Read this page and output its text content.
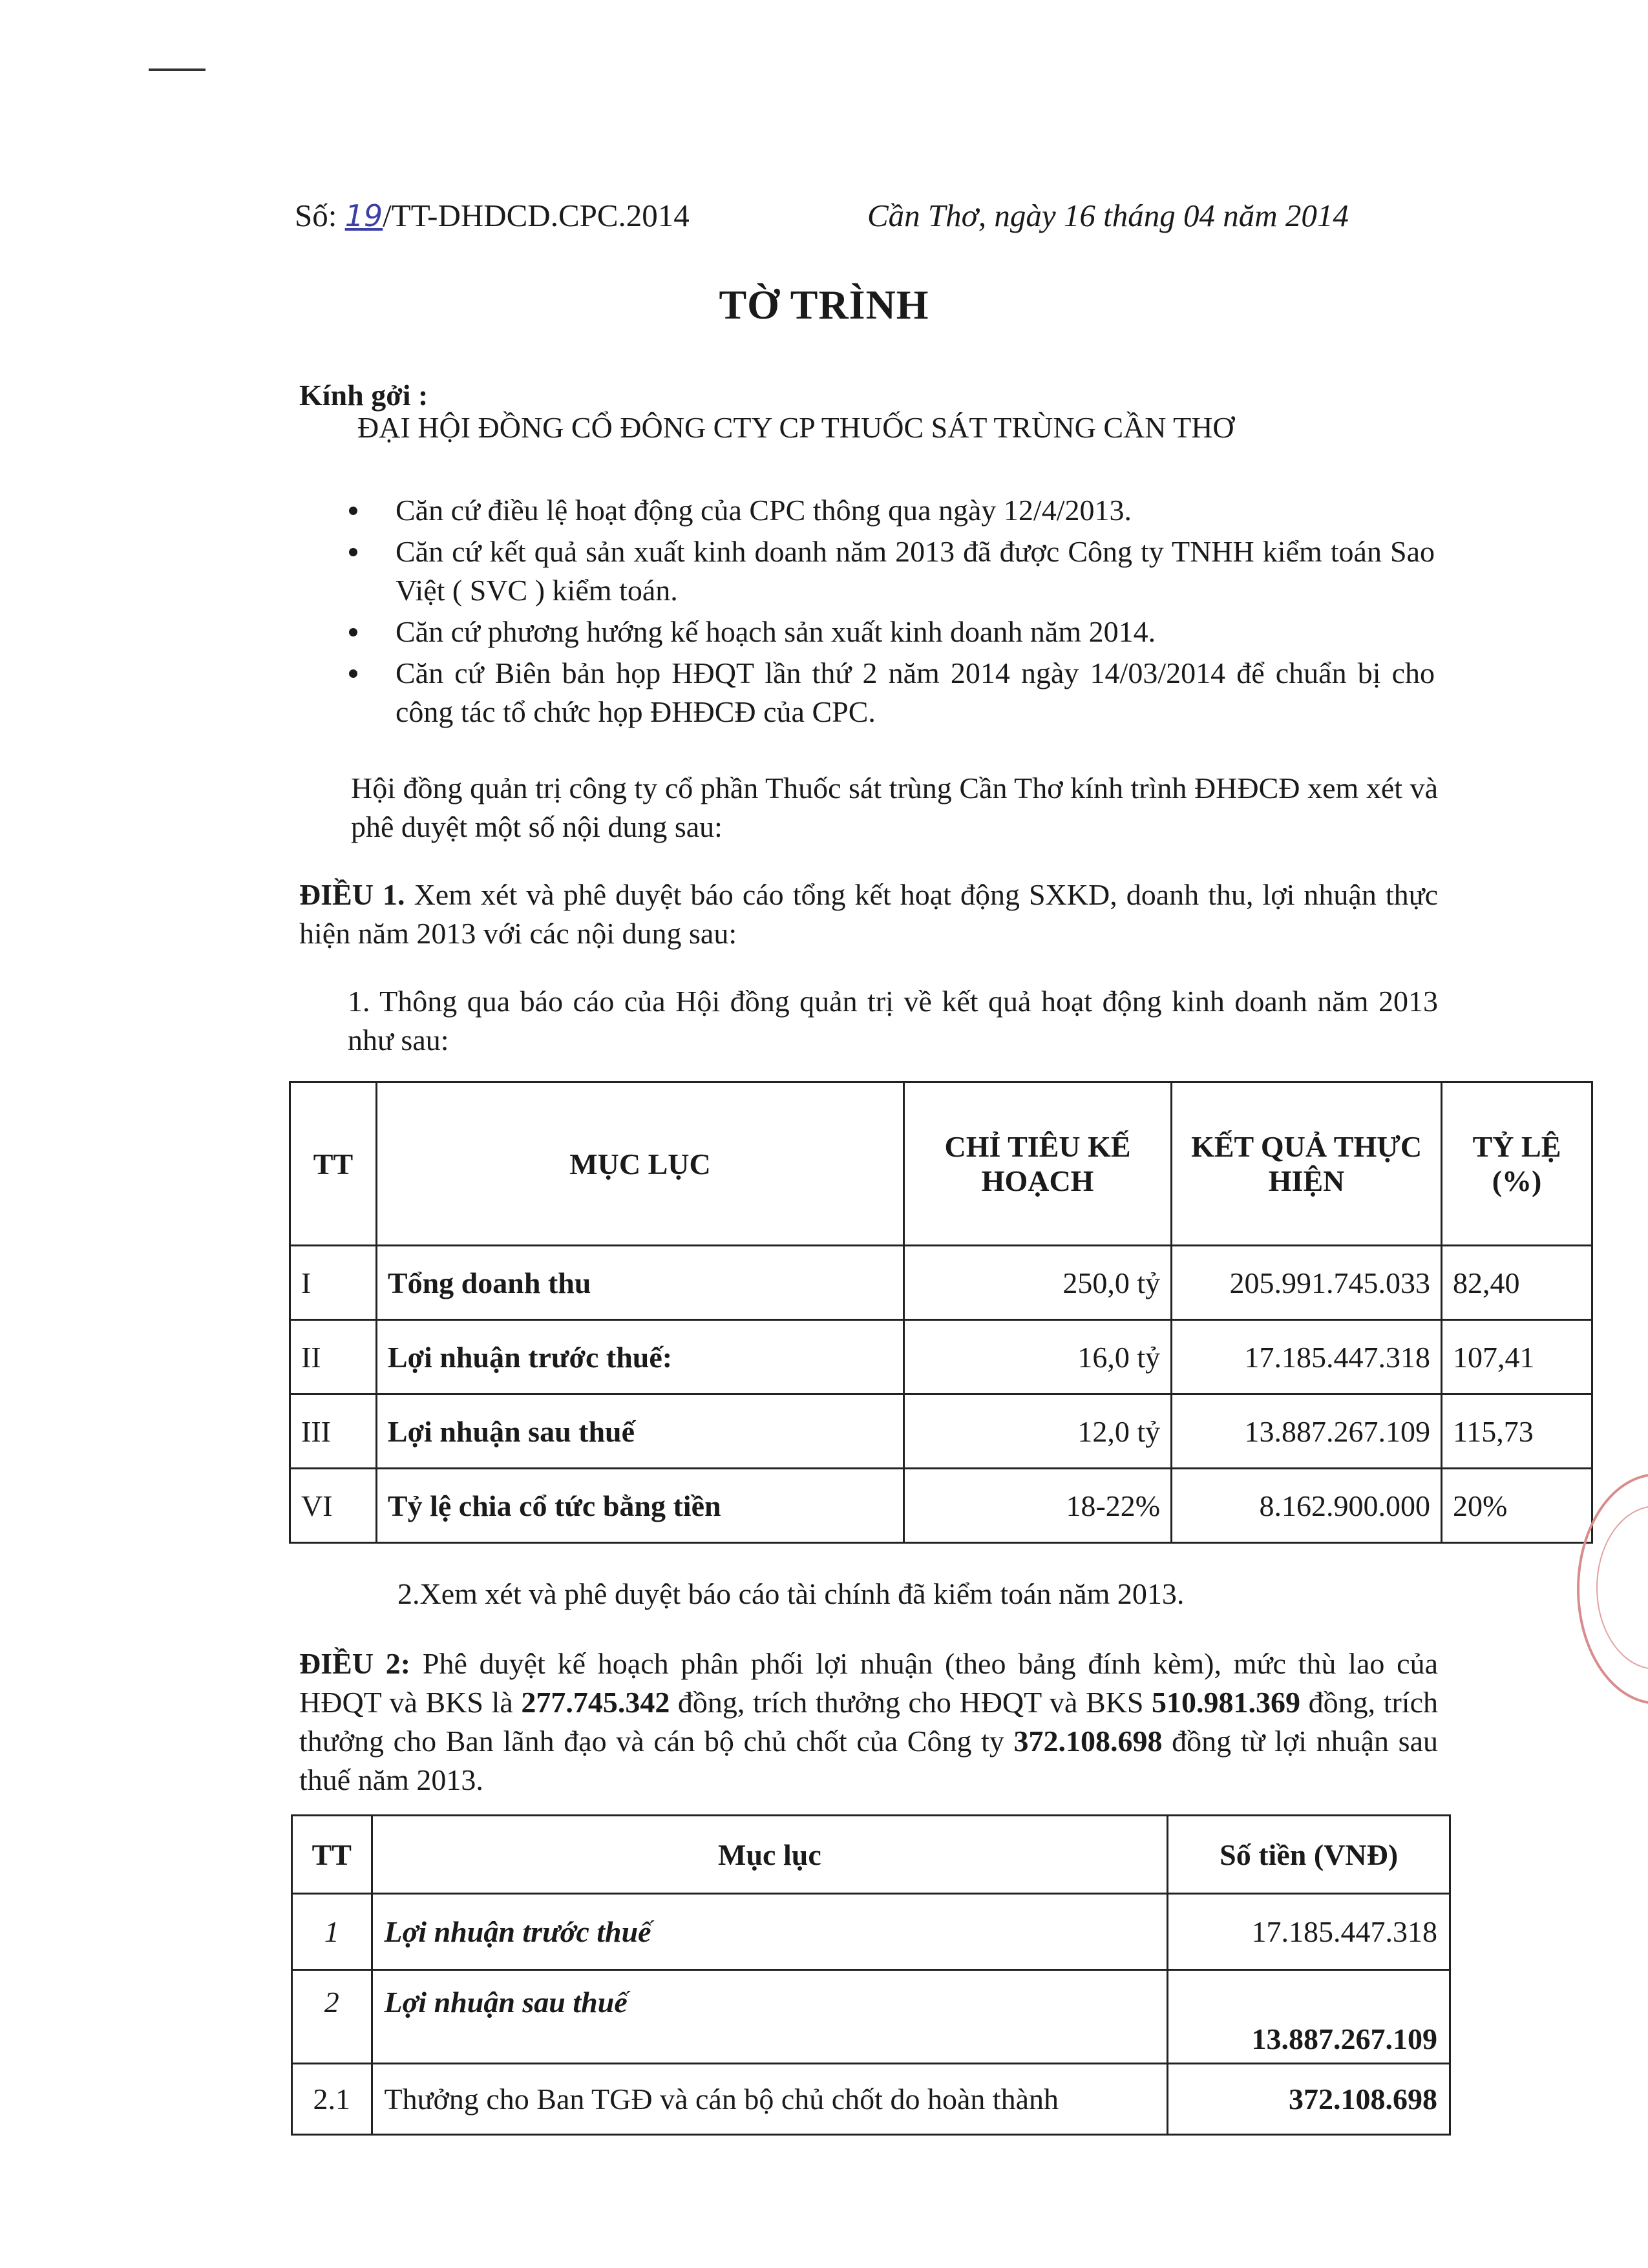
Số: 19/TT-DHDCD.CPC.2014	Cần Thơ, ngày 16 tháng 04 năm 2014
TỜ TRÌNH
Kính gởi :
ĐẠI HỘI ĐỒNG CỔ ĐÔNG CTY CP THUỐC SÁT TRÙNG CẦN THƠ
Căn cứ điều lệ hoạt động của CPC thông qua ngày 12/4/2013.
Căn cứ kết quả sản xuất kinh doanh năm 2013 đã được Công ty TNHH kiểm toán Sao Việt ( SVC ) kiểm toán.
Căn cứ phương hướng kế hoạch sản xuất kinh doanh năm 2014.
Căn cứ Biên bản họp HĐQT lần thứ 2 năm 2014 ngày 14/03/2014 để chuẩn bị cho công tác tổ chức họp ĐHĐCĐ của CPC.
Hội đồng quản trị công ty cổ phần Thuốc sát trùng Cần Thơ kính trình ĐHĐCĐ xem xét và phê duyệt một số nội dung sau:
ĐIỀU 1. Xem xét và phê duyệt báo cáo tổng kết hoạt động SXKD, doanh thu, lợi nhuận thực hiện năm 2013 với các nội dung sau:
1. Thông qua báo cáo của Hội đồng quản trị về kết quả hoạt động kinh doanh năm 2013 như sau:
TT	MỤC LỤC	CHỈ TIÊU KẾ HOẠCH	KẾT QUẢ THỰC HIỆN	TỶ LỆ (%)
I	Tổng doanh thu	250,0 tỷ	205.991.745.033	82,40
II	Lợi nhuận trước thuế:	16,0 tỷ	17.185.447.318	107,41
III	Lợi nhuận sau thuế	12,0 tỷ	13.887.267.109	115,73
VI	Tỷ lệ chia cổ tức bằng tiền	18-22%	8.162.900.000	20%
2.Xem xét và phê duyệt báo cáo tài chính đã kiểm toán năm 2013.
ĐIỀU 2: Phê duyệt kế hoạch phân phối lợi nhuận (theo bảng đính kèm), mức thù lao của HĐQT và BKS là 277.745.342 đồng, trích thưởng cho HĐQT và BKS 510.981.369 đồng, trích thưởng cho Ban lãnh đạo và cán bộ chủ chốt của Công ty 372.108.698 đồng từ lợi nhuận sau thuế năm 2013.
TT	Mục lục	Số tiền (VNĐ)
1	Lợi nhuận trước thuế	17.185.447.318
2	Lợi nhuận sau thuế	13.887.267.109
2.1	Thưởng cho Ban TGĐ và cán bộ chủ chốt do hoàn thành	372.108.698
